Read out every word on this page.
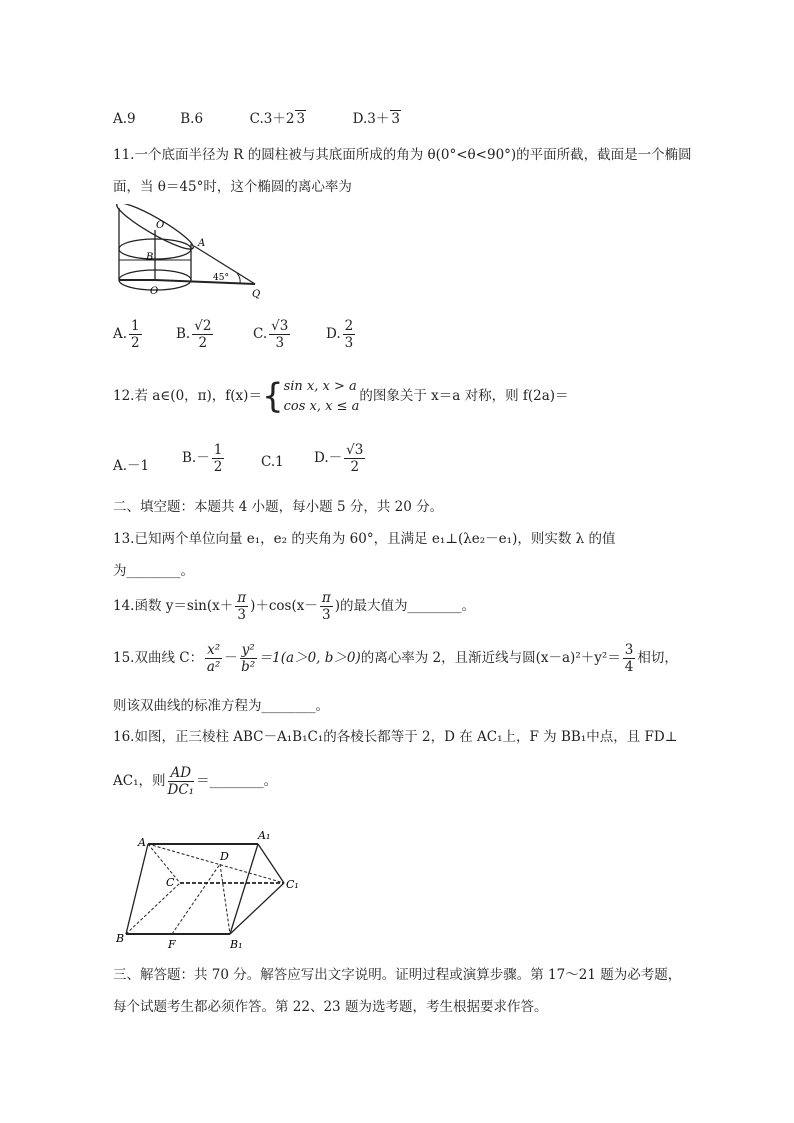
A.9	B.6	C.3＋2 3	D.3＋ 3
11.一个底面半径为 R 的圆柱被与其底面所成的角为 θ(0°<θ<90°)的平面所截，截面是一个椭圆
面，当 θ＝45°时，这个椭圆的离心率为
O
A
B
O
45°
Q
A. $\frac{1}{2}$	B. $\frac{√2}{2}$	C. $\frac{√3}{3}$	D. $\frac{2}{3}$
12.若 a∈(0，π)，f(x)＝{ sin x, x > a
cos x, x ≤ a
的图象关于 x＝a 对称，则 f(2a)＝
A.－1 $B.- \frac{1}{2}$	C.1 $D.- \frac{√3}{2}$
二、填空题：本题共 4 小题，每小题 5 分，共 20 分。
13.已知两个单位向量 e₁，e₂ 的夹角为 60°，且满足 e₁⊥(λe₂－e₁)，则实数 λ 的值
为________。
14.函数 $y=\sin(x+ \frac{\pi}{3} )+\cos(x- \frac{\pi}{3}$ )的最大值为________。
15.双曲线 C： $\frac{\text{x²}}{\text{a²}} - \frac{\text{y²}}{\text{b²}} =1(a>0$, b＞0)的离心率为 2，且渐近线与圆$(x-a)^2+y^2= \frac{3}{4}$ 相切，
则该双曲线的标准方程为________。
16.如图，正三棱柱 ABC－A₁B₁C₁的各棱长都等于 2，D 在 AC₁上，F 为 BB₁中点，且 FD⊥
AC₁，则 $\frac{AD}{\text{DC₁}}$ ＝________。
A
A₁
D
C	C₁
B	F	B₁
三、解答题：共 70 分。解答应写出文字说明。证明过程或演算步骤。第 17～21 题为必考题，
每个试题考生都必须作答。第 22、23 题为选考题，考生根据要求作答。
